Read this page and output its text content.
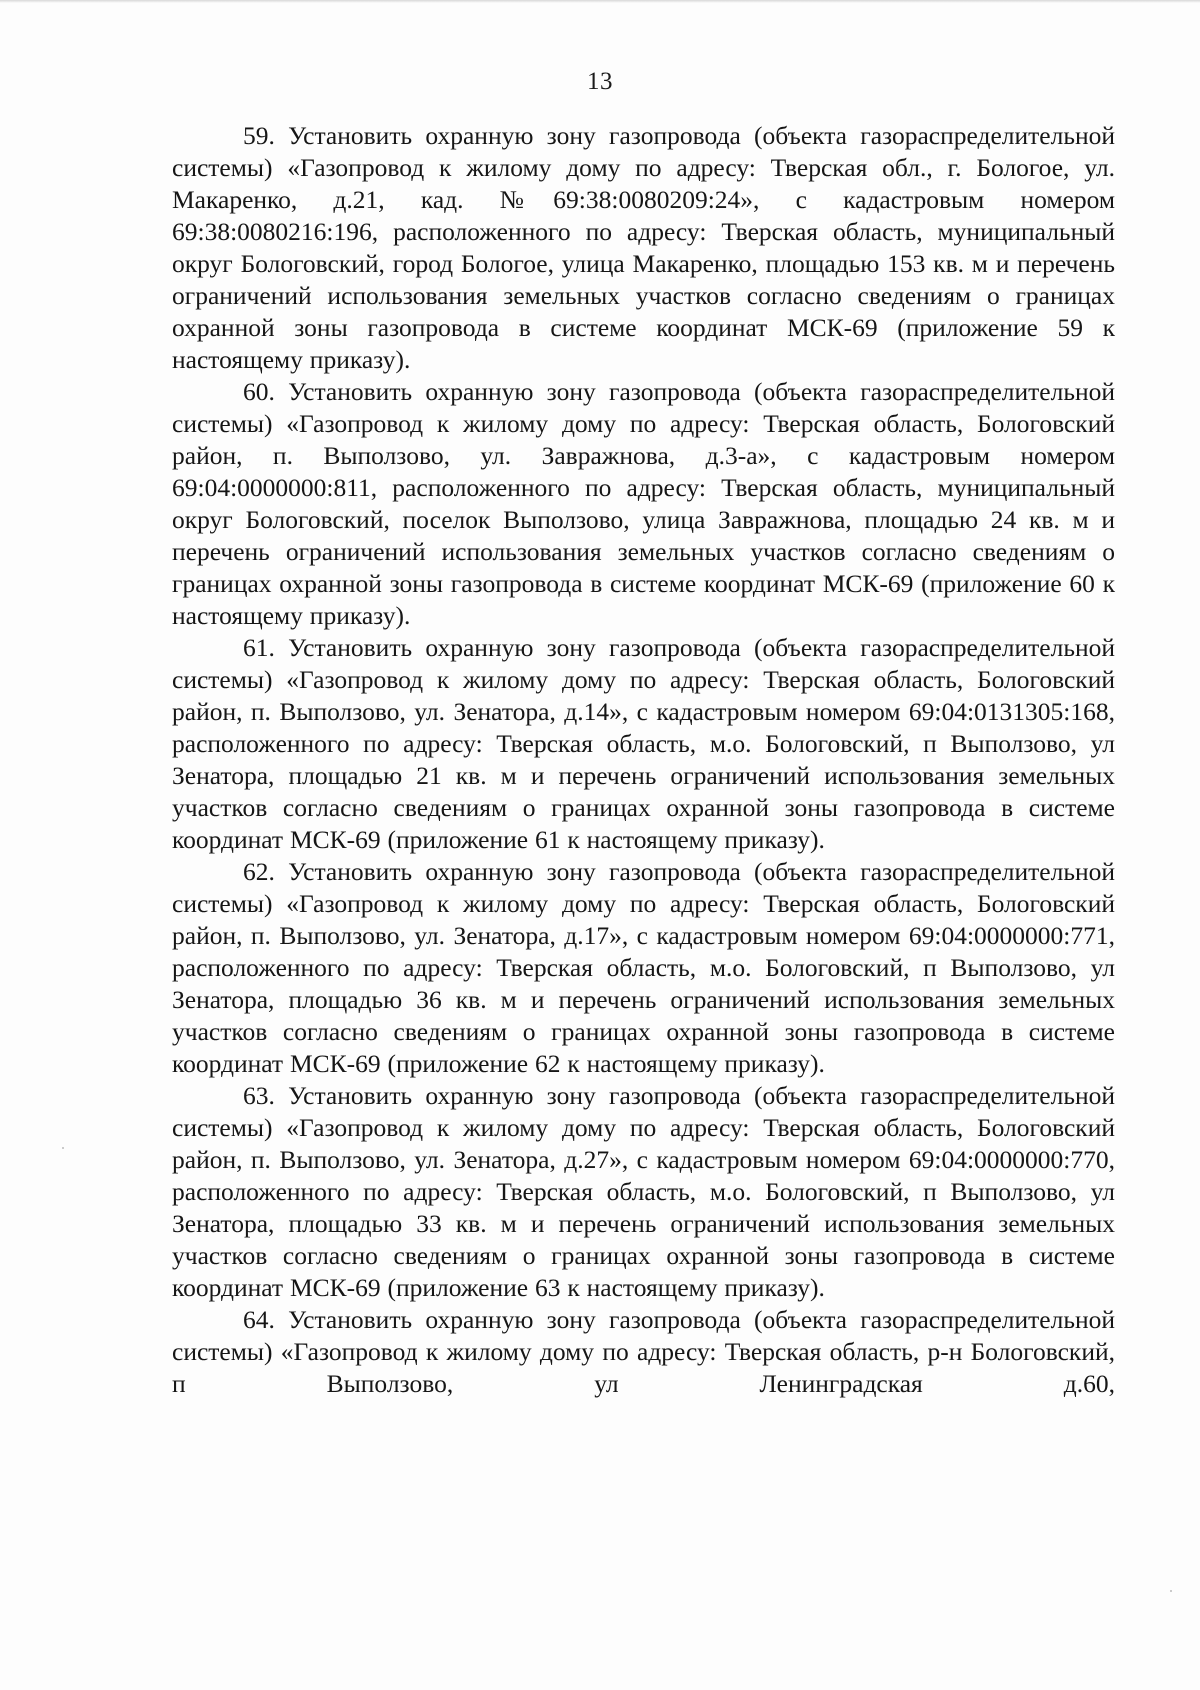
13

59. Установить охранную зону газопровода (объекта газораспределительной системы) «Газопровод к жилому дому по адресу: Тверская обл., г. Бологое, ул. Макаренко, д.21, кад. №69:38:0080209:24», с кадастровым номером 69:38:0080216:196, расположенного по адресу: Тверская область, муниципальный округ Бологовский, город Бологое, улица Макаренко, площадью 153 кв. м и перечень ограничений использования земельных участков согласно сведениям о границах охранной зоны газопровода в системе координат МСК-69 (приложение 59 к настоящему приказу).

60. Установить охранную зону газопровода (объекта газораспределительной системы) «Газопровод к жилому дому по адресу: Тверская область, Бологовский район, п. Выползово, ул. Завражнова, д.3-а», с кадастровым номером 69:04:0000000:811, расположенного по адресу: Тверская область, муниципальный округ Бологовский, поселок Выползово, улица Завражнова, площадью 24 кв. м и перечень ограничений использования земельных участков согласно сведениям о границах охранной зоны газопровода в системе координат МСК-69 (приложение 60 к настоящему приказу).

61. Установить охранную зону газопровода (объекта газораспределительной системы) «Газопровод к жилому дому по адресу: Тверская область, Бологовский район, п. Выползово, ул. Зенатора, д.14», с кадастровым номером 69:04:0131305:168, расположенного по адресу: Тверская область, м.о. Бологовский, п Выползово, ул Зенатора, площадью 21 кв. м и перечень ограничений использования земельных участков согласно сведениям о границах охранной зоны газопровода в системе координат МСК-69 (приложение 61 к настоящему приказу).

62. Установить охранную зону газопровода (объекта газораспределительной системы) «Газопровод к жилому дому по адресу: Тверская область, Бологовский район, п. Выползово, ул. Зенатора, д.17», с кадастровым номером 69:04:0000000:771, расположенного по адресу: Тверская область, м.о. Бологовский, п Выползово, ул Зенатора, площадью 36 кв. м и перечень ограничений использования земельных участков согласно сведениям о границах охранной зоны газопровода в системе координат МСК-69 (приложение 62 к настоящему приказу).

63. Установить охранную зону газопровода (объекта газораспределительной системы) «Газопровод к жилому дому по адресу: Тверская область, Бологовский район, п. Выползово, ул. Зенатора, д.27», с кадастровым номером 69:04:0000000:770, расположенного по адресу: Тверская область, м.о. Бологовский, п Выползово, ул Зенатора, площадью 33 кв. м и перечень ограничений использования земельных участков согласно сведениям о границах охранной зоны газопровода в системе координат МСК-69 (приложение 63 к настоящему приказу).

64. Установить охранную зону газопровода (объекта газораспределительной системы) «Газопровод к жилому дому по адресу: Тверская область, р-н Бологовский, п Выползово, ул Ленинградская д.60,
